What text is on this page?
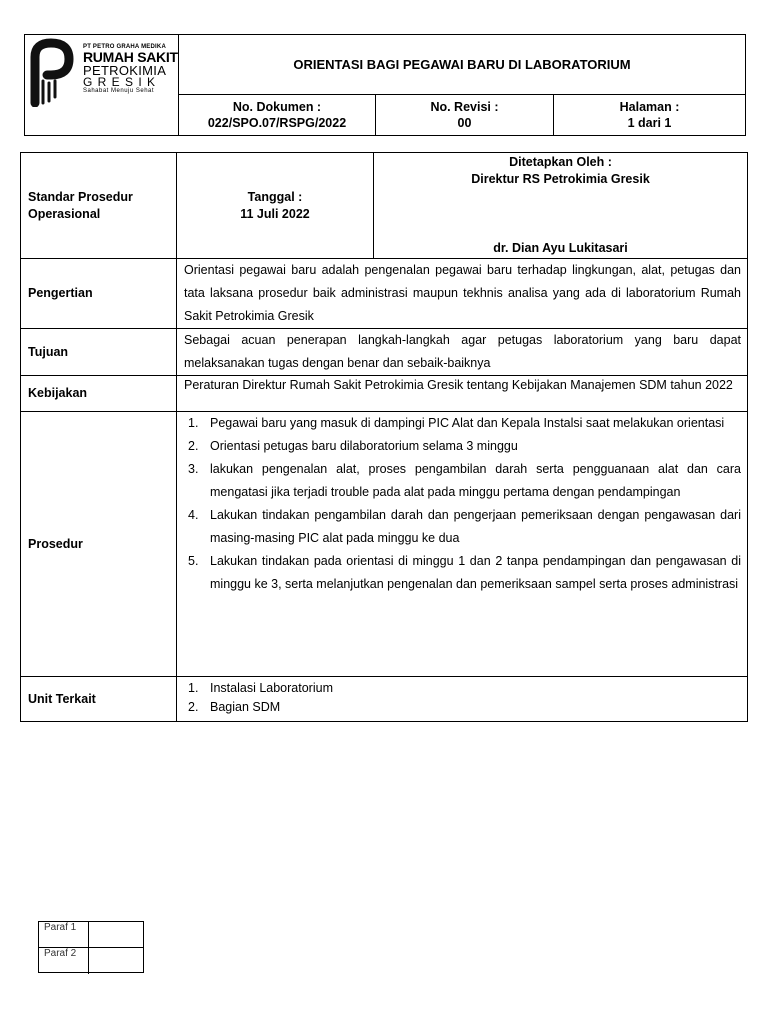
PT PETRO GRAHA MEDIKA
RUMAH SAKIT
PETROKIMIA
G R E S I K
Sahabat Menuju Sehat
ORIENTASI BAGI PEGAWAI BARU DI LABORATORIUM
No. Dokumen :
022/SPO.07/RSPG/2022
No. Revisi :
00
Halaman :
1 dari 1
Standar Prosedur Operasional
Tanggal :
11 Juli 2022
Ditetapkan Oleh :
Direktur RS Petrokimia Gresik
dr. Dian Ayu Lukitasari
Pengertian
Orientasi pegawai baru adalah pengenalan pegawai baru terhadap lingkungan, alat, petugas dan tata laksana prosedur baik administrasi maupun tekhnis analisa yang ada di laboratorium Rumah Sakit Petrokimia Gresik
Tujuan
Sebagai acuan penerapan langkah-langkah agar petugas laboratorium yang baru dapat melaksanakan tugas dengan benar dan sebaik-baiknya
Kebijakan
Peraturan Direktur Rumah Sakit Petrokimia Gresik tentang Kebijakan Manajemen SDM tahun 2022
Prosedur
1. Pegawai baru yang masuk di dampingi PIC Alat dan Kepala Instalsi saat melakukan orientasi
2. Orientasi petugas baru dilaboratorium selama 3 minggu
3. lakukan pengenalan alat, proses pengambilan darah serta pengguanaan alat dan cara mengatasi jika terjadi trouble pada alat pada minggu pertama dengan pendampingan
4. Lakukan tindakan pengambilan darah dan pengerjaan pemeriksaan dengan pengawasan dari masing-masing PIC alat pada minggu ke dua
5. Lakukan tindakan pada orientasi di minggu 1 dan 2 tanpa pendampingan dan pengawasan di minggu ke 3, serta melanjutkan pengenalan dan pemeriksaan sampel serta proses administrasi
Unit Terkait
1. Instalasi Laboratorium
2. Bagian SDM
Paraf 1
Paraf 2
